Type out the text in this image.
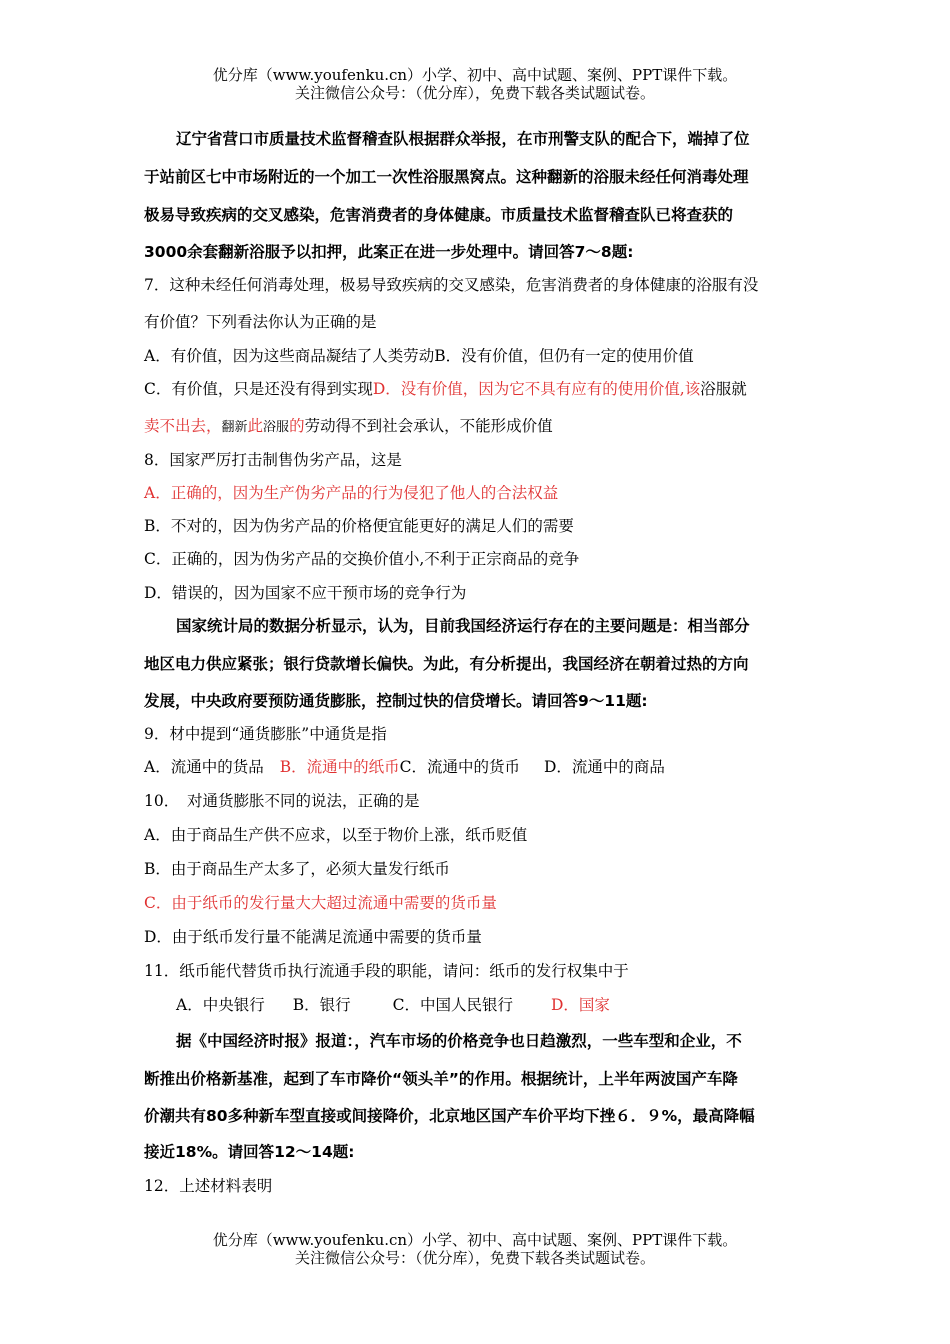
优分库（www.youfenku.cn）小学、初中、高中试题、案例、PPT课件下载。
关注微信公众号：（优分库），免费下载各类试题试卷。
辽宁省营口市质量技术监督稽查队根据群众举报，在市刑警支队的配合下，端掉了位
于站前区七中市场附近的一个加工一次性浴服黑窝点。这种翻新的浴服未经任何消毒处理
极易导致疾病的交叉感染，危害消费者的身体健康。市质量技术监督稽查队已将查获的
3000余套翻新浴服予以扣押，此案正在进一步处理中。请回答7～8题:
7．这种未经任何消毒处理，极易导致疾病的交叉感染，危害消费者的身体健康的浴服有没
有价值？下列看法你认为正确的是
A．有价值，因为这些商品凝结了人类劳动B．没有价值，但仍有一定的使用价值
C．有价值，只是还没有得到实现D．没有价值，因为它不具有应有的使用价值,该浴服就
卖不出去，翻新此浴服的劳动得不到社会承认，不能形成价值
8．国家严厉打击制售伪劣产品，这是
A．正确的，因为生产伪劣产品的行为侵犯了他人的合法权益
B．不对的，因为伪劣产品的价格便宜能更好的满足人们的需要
C．正确的，因为伪劣产品的交换价值小,不利于正宗商品的竞争
D．错误的，因为国家不应干预市场的竞争行为
国家统计局的数据分析显示，认为，目前我国经济运行存在的主要问题是：相当部分
地区电力供应紧张；银行贷款增长偏快。为此，有分析提出，我国经济在朝着过热的方向
发展，中央政府要预防通货膨胀，控制过快的信贷增长。请回答9～11题:
9．材中提到“通货膨胀”中通货是指
A．流通中的货品 B．流通中的纸币C．流通中的货币 D．流通中的商品
10．　对通货膨胀不同的说法，正确的是
A．由于商品生产供不应求，以至于物价上涨，纸币贬值
B．由于商品生产太多了，必须大量发行纸币
C．由于纸币的发行量大大超过流通中需要的货币量
D．由于纸币发行量不能满足流通中需要的货币量
11．纸币能代替货币执行流通手段的职能，请问：纸币的发行权集中于
A．中央银行 B．银行	C．中国人民银行 D．国家
据《中国经济时报》报道：，汽车市场的价格竞争也日趋激烈，一些车型和企业，不
断推出价格新基准，起到了车市降价“领头羊”的作用。根据统计，上半年两波国产车降
价潮共有80多种新车型直接或间接降价，北京地区国产车价平均下挫６．９%，最高降幅
接近18%。请回答12～14题:
12．上述材料表明
优分库（www.youfenku.cn）小学、初中、高中试题、案例、PPT课件下载。
关注微信公众号：（优分库），免费下载各类试题试卷。
